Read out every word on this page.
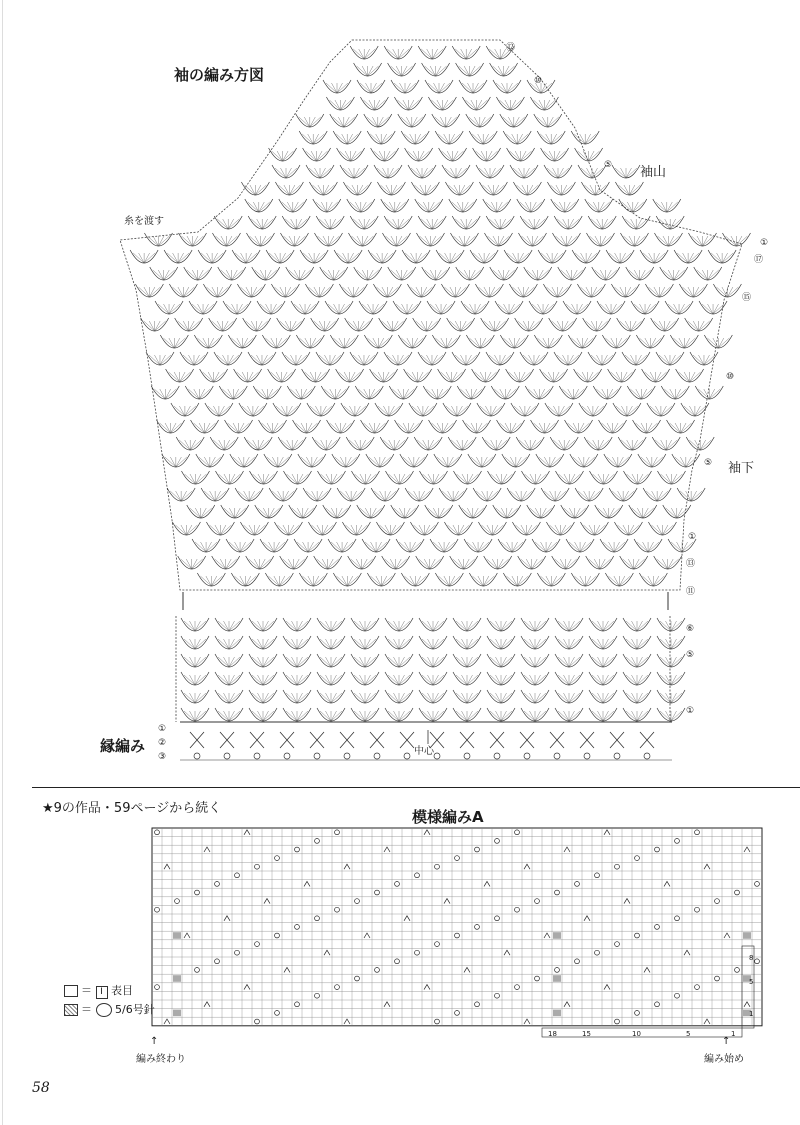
袖の編み方図
袖山
袖下
糸を渡す
中心
縁編み
①
②
③
⑫
⑩
⑤
①
⑰
⑮
⑩
⑤
①
⑬
⑪
⑥
⑤
①
★9の作品・59ページから続く	模様編みA
18	15	10	5	1
8
5
1
↑
編み始め
↑
編み終わり
＝ I 表目
＝ 5/6号針
58
